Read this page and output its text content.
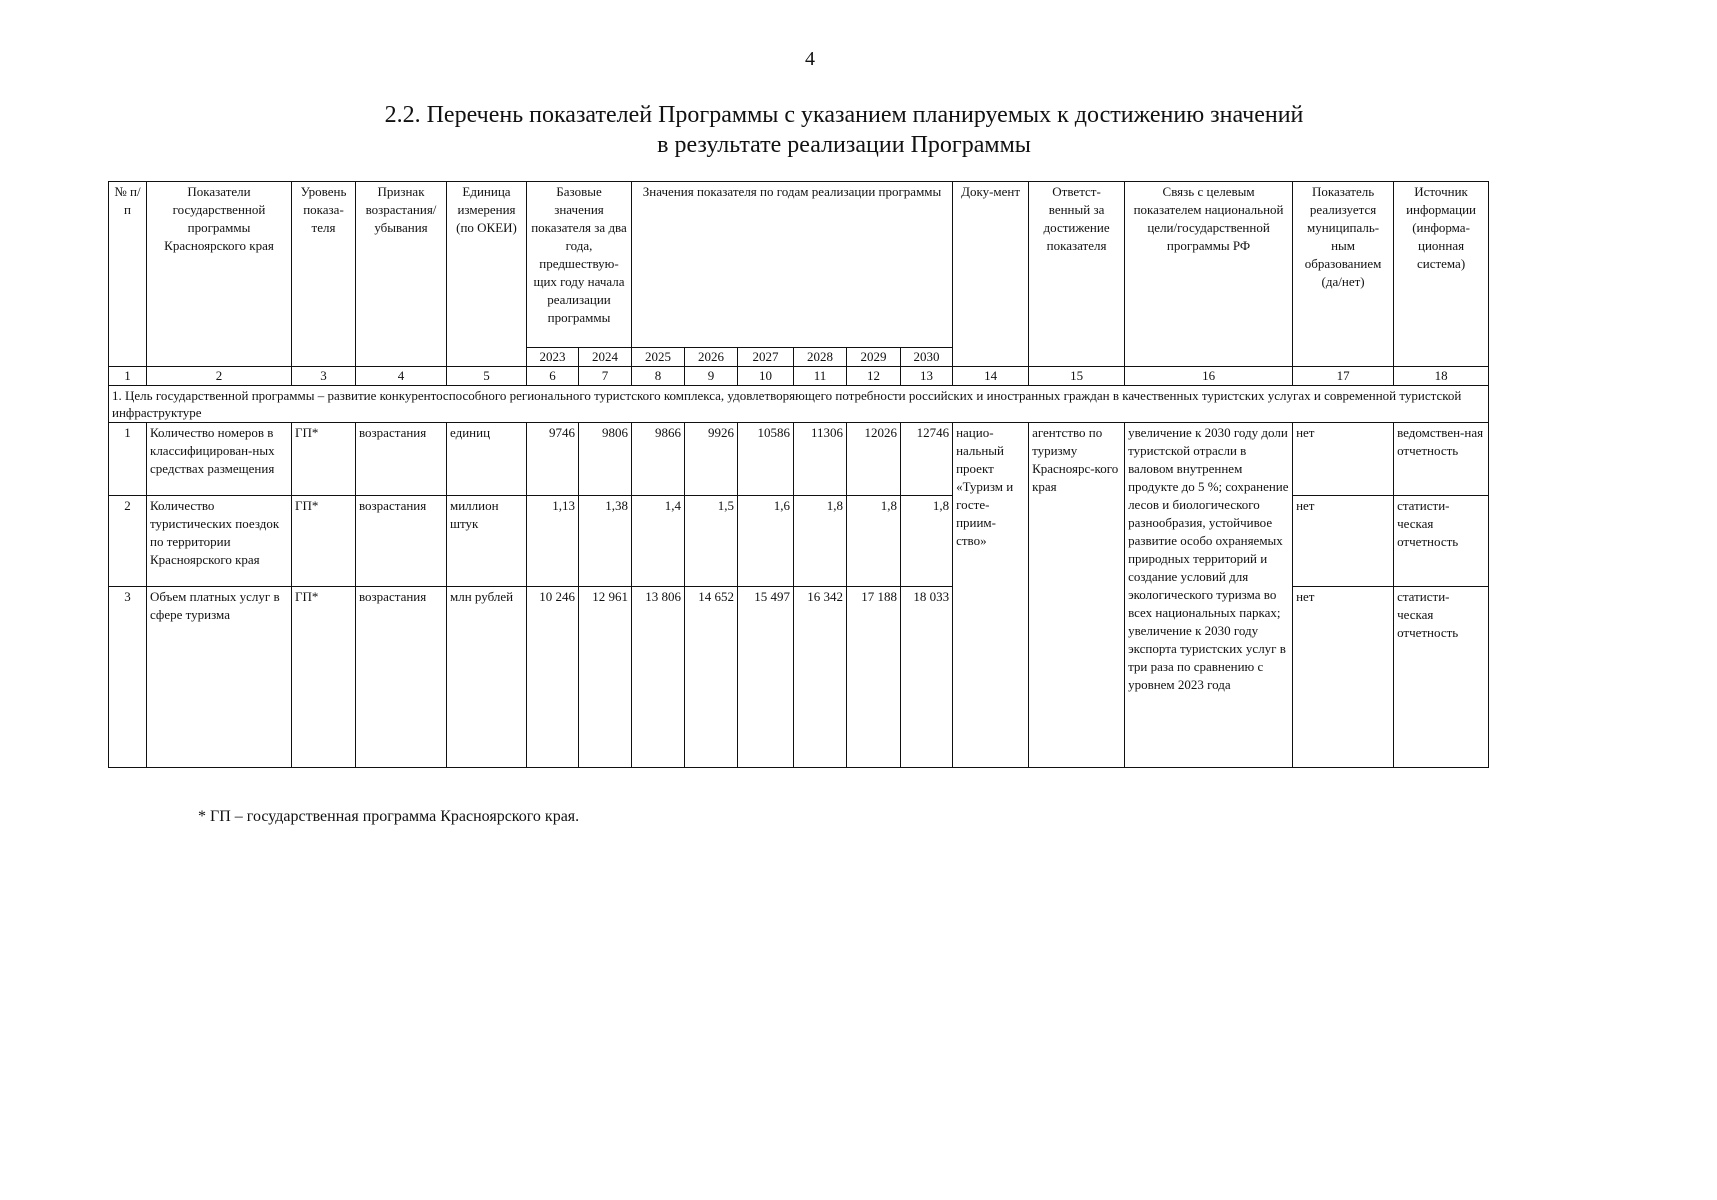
4
2.2. Перечень показателей Программы с указанием планируемых к достижению значений
в результате реализации Программы
№ п/п	Показатели государственной программы Красноярского края	Уровень показа-теля	Признак возрастания/ убывания	Единица измерения (по ОКЕИ)	Базовые значения показателя за два года, предшествую-щих году начала реализации программы		Значения показателя по годам реализации программы						Доку-мент	Ответст-венный за достижение показателя	Связь с целевым показателем национальной цели/государственной программы РФ	Показатель реализуется муниципаль-ным образованием (да/нет)	Источник информации (информа-ционная система)
					2023	2024	2025	2026	2027	2028	2029	2030					
1	2	3	4	5	6	7	8	9	10	11	12	13	14	15	16	17	18
1. Цель государственной программы – развитие конкурентоспособного регионального туристского комплекса, удовлетворяющего потребности российских и иностранных граждан в качественных туристских услугах и современной туристской инфраструктуре																	
1	Количество номеров в классифицирован-ных средствах размещения	ГП*	возрастания	единиц	9746	9806	9866	9926	10586	11306	12026	12746	нацио-нальный проект «Туризм и госте-приим-ство»	агентство по туризму Красноярс-кого края	увеличение к 2030 году доли туристской отрасли в валовом внутреннем продукте до 5 %; сохранение лесов и биологического разнообразия, устойчивое развитие особо охраняемых природных территорий и создание условий для экологического туризма во всех национальных парках; увеличение к 2030 году экспорта туристских услуг в три раза по сравнению с уровнем 2023 года	нет	ведомствен-ная отчетность
2	Количество туристических поездок по территории Красноярского края	ГП*	возрастания	миллион штук	1,13	1,38	1,4	1,5	1,6	1,8	1,8	1,8				нет	статисти-ческая отчетность
3	Объем платных услуг в сфере туризма	ГП*	возрастания	млн рублей	10 246	12 961	13 806	14 652	15 497	16 342	17 188	18 033				нет	статисти-ческая отчетность
* ГП – государственная программа Красноярского края.
